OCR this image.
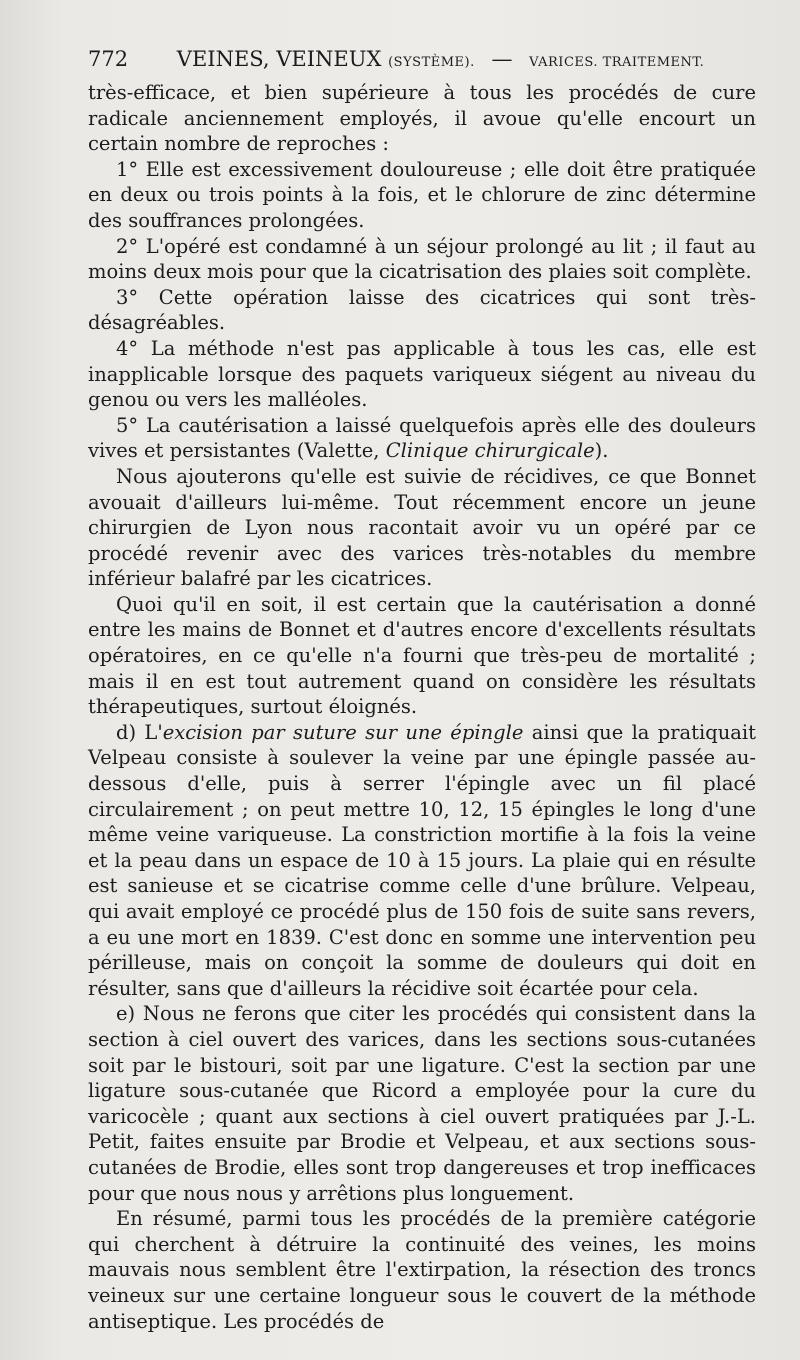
772 VEINES, VEINEUX (SYSTÈME). — VARICES. TRAITEMENT.

très-efficace, et bien supérieure à tous les procédés de cure radicale anciennement employés, il avoue qu'elle encourt un certain nombre de reproches :

1° Elle est excessivement douloureuse ; elle doit être pratiquée en deux ou trois points à la fois, et le chlorure de zinc détermine des souffrances prolongées.

2° L'opéré est condamné à un séjour prolongé au lit ; il faut au moins deux mois pour que la cicatrisation des plaies soit complète.

3° Cette opération laisse des cicatrices qui sont très-désagréables.

4° La méthode n'est pas applicable à tous les cas, elle est inapplicable lorsque des paquets variqueux siégent au niveau du genou ou vers les malléoles.

5° La cautérisation a laissé quelquefois après elle des douleurs vives et persistantes (Valette, Clinique chirurgicale).

Nous ajouterons qu'elle est suivie de récidives, ce que Bonnet avouait d'ailleurs lui-même. Tout récemment encore un jeune chirurgien de Lyon nous racontait avoir vu un opéré par ce procédé revenir avec des varices très-notables du membre inférieur balafré par les cicatrices.

Quoi qu'il en soit, il est certain que la cautérisation a donné entre les mains de Bonnet et d'autres encore d'excellents résultats opératoires, en ce qu'elle n'a fourni que très-peu de mortalité ; mais il en est tout autrement quand on considère les résultats thérapeutiques, surtout éloignés.

d) L'excision par suture sur une épingle ainsi que la pratiquait Velpeau consiste à soulever la veine par une épingle passée au-dessous d'elle, puis à serrer l'épingle avec un fil placé circulairement ; on peut mettre 10, 12, 15 épingles le long d'une même veine variqueuse. La constriction mortifie à la fois la veine et la peau dans un espace de 10 à 15 jours. La plaie qui en résulte est sanieuse et se cicatrise comme celle d'une brûlure. Velpeau, qui avait employé ce procédé plus de 150 fois de suite sans revers, a eu une mort en 1839. C'est donc en somme une intervention peu périlleuse, mais on conçoit la somme de douleurs qui doit en résulter, sans que d'ailleurs la récidive soit écartée pour cela.

e) Nous ne ferons que citer les procédés qui consistent dans la section à ciel ouvert des varices, dans les sections sous-cutanées soit par le bistouri, soit par une ligature. C'est la section par une ligature sous-cutanée que Ricord a employée pour la cure du varicocèle ; quant aux sections à ciel ouvert pratiquées par J.-L. Petit, faites ensuite par Brodie et Velpeau, et aux sections sous-cutanées de Brodie, elles sont trop dangereuses et trop inefficaces pour que nous nous y arrêtions plus longuement.

En résumé, parmi tous les procédés de la première catégorie qui cherchent à détruire la continuité des veines, les moins mauvais nous semblent être l'extirpation, la résection des troncs veineux sur une certaine longueur sous le couvert de la méthode antiseptique. Les procédés de
